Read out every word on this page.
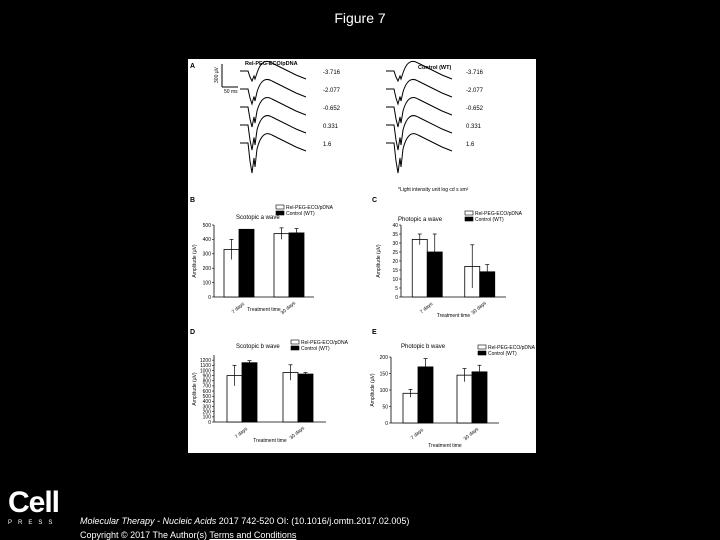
Figure 7
A
300 µV
50 ms
Rel-PEG-ECO/pDNA
Control (WT)
-3.716
-2.077
-0.652
0.331
1.6
-3.716
-2.077
-0.652
0.331
1.6
*Light intensity unit log cd s sm²
B
Scotopic a wave
Rel-PEG-ECO/pDNA
Control (WT)
0
100
200
300
400
500
Amplitude (µV)
7 days	30 days
Treatment time
C
Photopic a wave
Rel-PEG-ECO/pDNA
Control (WT)
0
5
10
15
20
25
30
35
40
Amplitude (µV)
7 days	30 days
Treatment time
D
Scotopic b wave
Rel-PEG-ECO/pDNA
Control (WT)
0
100
200
300
400
500
600
700
800
900
1000
1100
1200
Amplitude (µV)
7 days	30 days
Treatment time
E
Photopic b wave	Rel-PEG-ECO/pDNA
Control (WT)
0
50
100
150
200
Amplitude (µV)
7 days	30 days
Treatment time
Cell
PRESS Molecular Therapy - Nucleic Acids 2017 742-520 OI: (10.1016/j.omtn.2017.02.005)
Copyright © 2017 The Author(s) Terms and Conditions
